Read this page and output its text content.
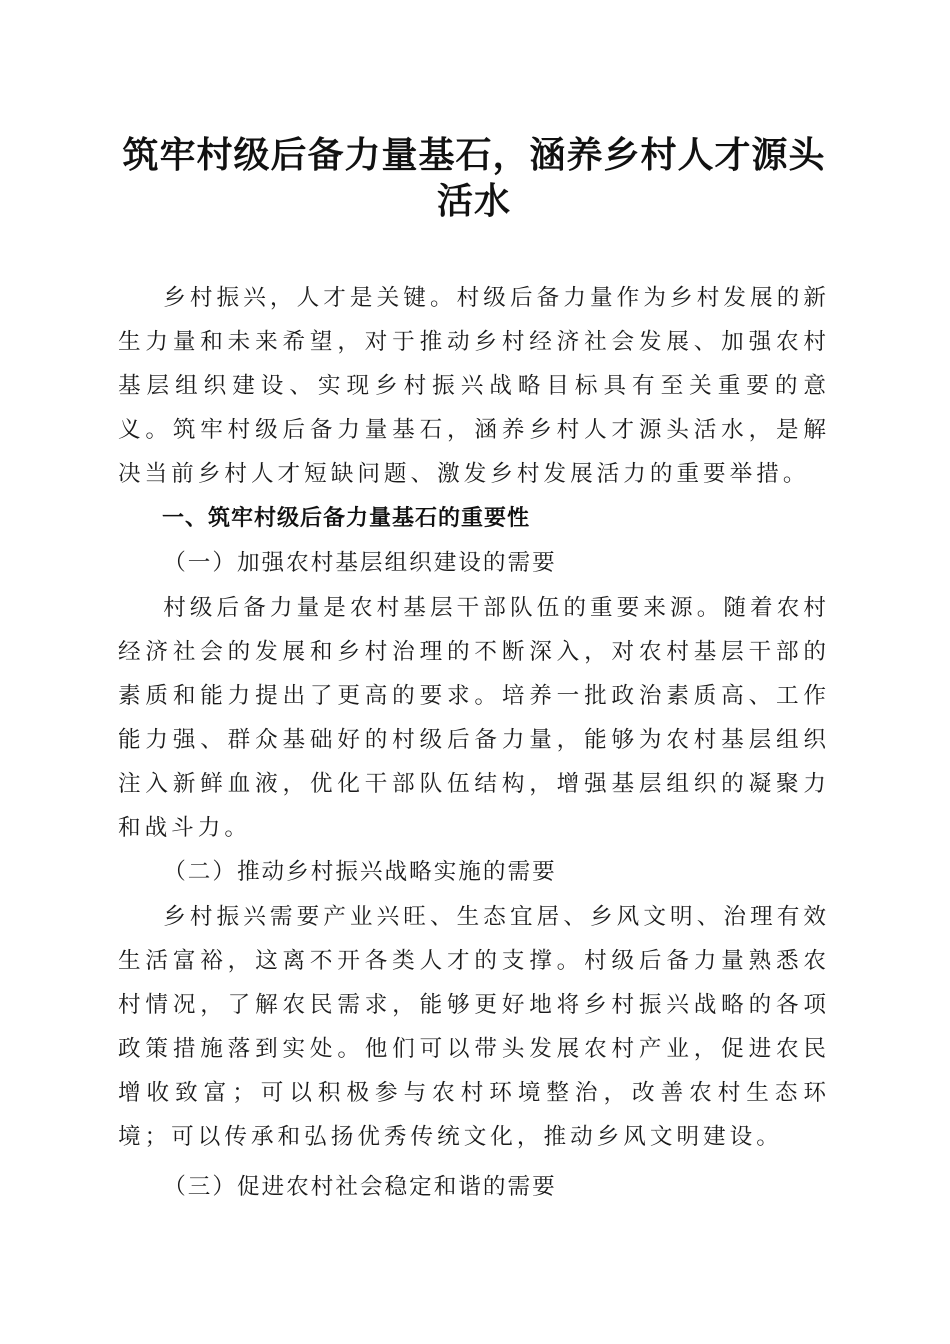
筑牢村级后备力量基石，涵养乡村人才源头活水

乡村振兴，人才是关键。村级后备力量作为乡村发展的新生力量和未来希望，对于推动乡村经济社会发展、加强农村基层组织建设、实现乡村振兴战略目标具有至关重要的意义。筑牢村级后备力量基石，涵养乡村人才源头活水，是解决当前乡村人才短缺问题、激发乡村发展活力的重要举措。

一、筑牢村级后备力量基石的重要性

（一）加强农村基层组织建设的需要

村级后备力量是农村基层干部队伍的重要来源。随着农村经济社会的发展和乡村治理的不断深入，对农村基层干部的素质和能力提出了更高的要求。培养一批政治素质高、工作能力强、群众基础好的村级后备力量，能够为农村基层组织注入新鲜血液，优化干部队伍结构，增强基层组织的凝聚力和战斗力。

（二）推动乡村振兴战略实施的需要

乡村振兴需要产业兴旺、生态宜居、乡风文明、治理有效生活富裕，这离不开各类人才的支撑。村级后备力量熟悉农村情况，了解农民需求，能够更好地将乡村振兴战略的各项政策措施落到实处。他们可以带头发展农村产业，促进农民增收致富；可以积极参与农村环境整治，改善农村生态环境；可以传承和弘扬优秀传统文化，推动乡风文明建设。

（三）促进农村社会稳定和谐的需要
